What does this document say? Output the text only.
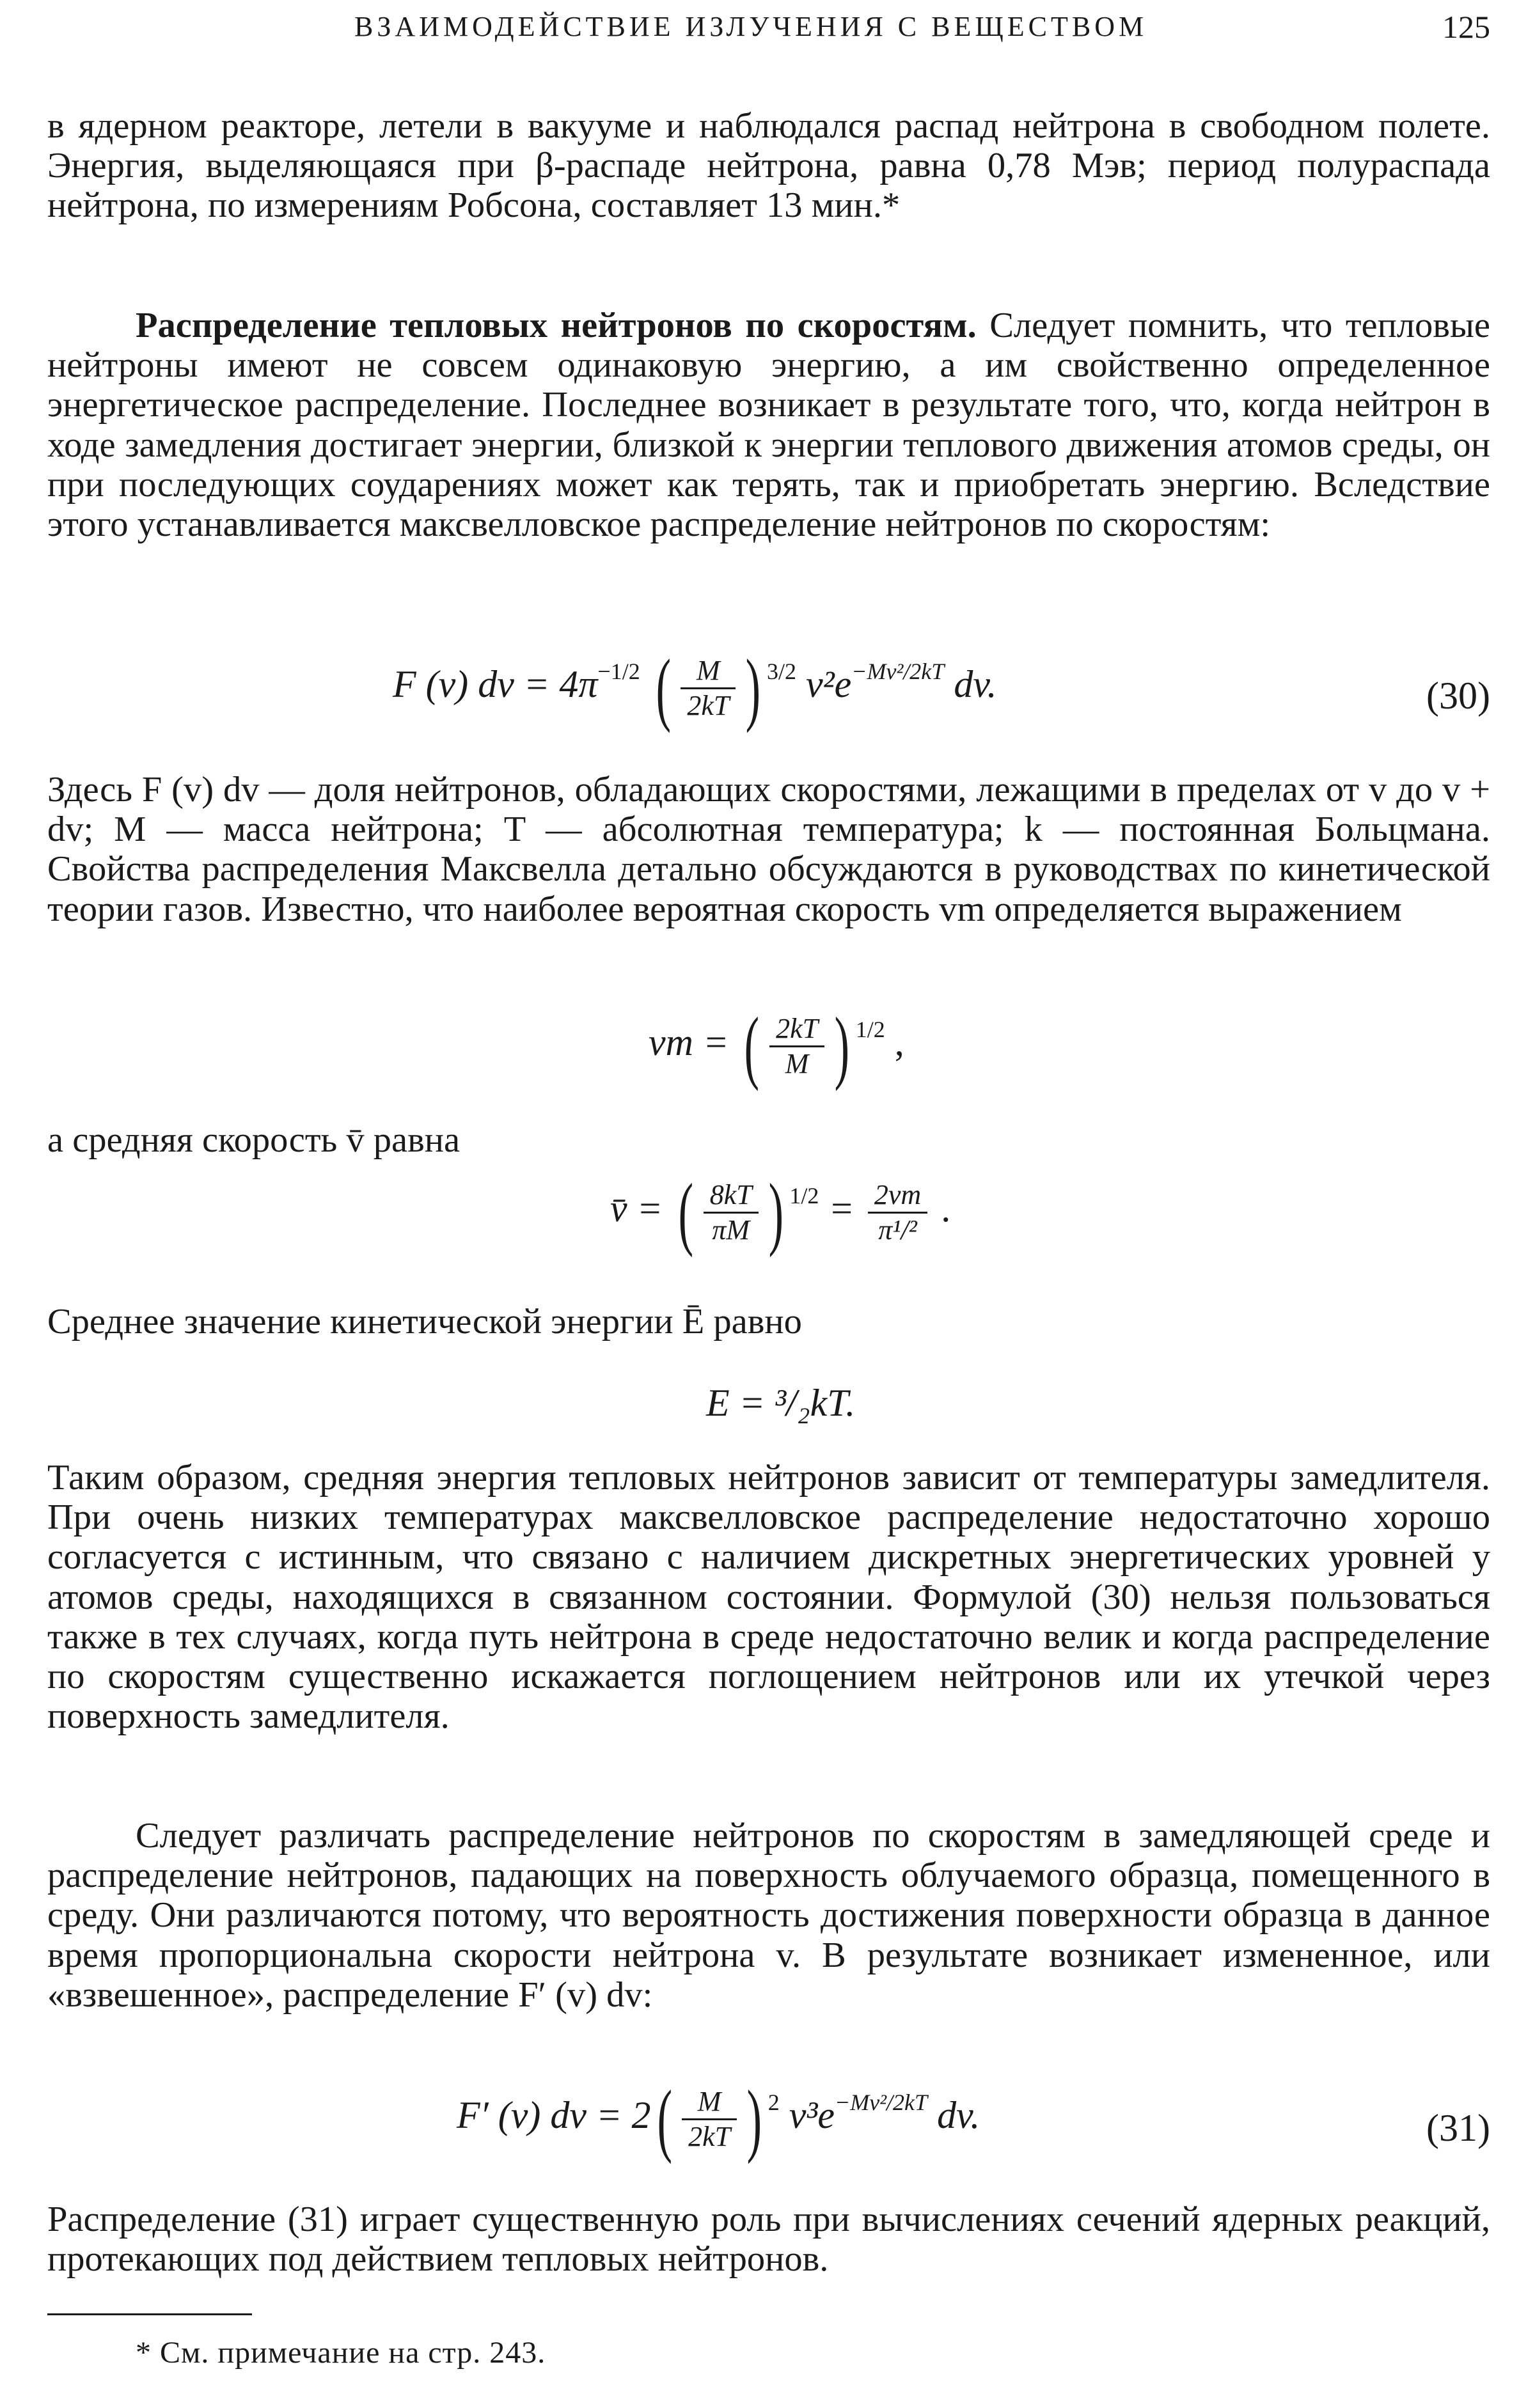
ВЗАИМОДЕЙСТВИЕ ИЗЛУЧЕНИЯ С ВЕЩЕСТВОМ	125

в ядерном реакторе, летели в вакууме и наблюдался распад нейтрона в свободном полете. Энергия, выделяющаяся при β-распаде нейтрона, равна 0,78 Мэв; период полураспада нейтрона, по измерениям Робсона, составляет 13 мин.*

Распределение тепловых нейтронов по скоростям. Следует помнить, что тепловые нейтроны имеют не совсем одинаковую энергию, а им свойственно определенное энергетическое распределение. Последнее возникает в результате того, что, когда нейтрон в ходе замедления достигает энергии, близкой к энергии теплового движения атомов среды, он при последующих соударениях может как терять, так и приобретать энергию. Вследствие этого устанавливается максвелловское распределение нейтронов по скоростям:

F (v) dv = $4\pi^{-1/2}$ ( $\frac{M}{2kT}$ ) $^{3/2}$ $v^2e^{-Mv^2/2kT}$ dv.	(30)

Здесь F (v) dv — доля нейтронов, обладающих скоростями, лежащими в пределах от v до v + dv; M — масса нейтрона; T — абсолютная температура; k — постоянная Больцмана. Свойства распределения Максвелла детально обсуждаются в руководствах по кинетической теории газов. Известно, что наиболее вероятная скорость vm определяется выражением

vm = ( $\frac{2kT}{M}$ ) $^{1/2}$ ,

а средняя скорость v̄ равна

v̄ = ( $\frac{8kT}{\pi M}$ ) $^{1/2} = \frac{2vm}{\text{π¹/²}}$ .

Среднее значение кинетической энергии Ē равно

E = ³/₂kT.

Таким образом, средняя энергия тепловых нейтронов зависит от температуры замедлителя. При очень низких температурах максвелловское распределение недостаточно хорошо согласуется с истинным, что связано с наличием дискретных энергетических уровней у атомов среды, находящихся в связанном состоянии. Формулой (30) нельзя пользоваться также в тех случаях, когда путь нейтрона в среде недостаточно велик и когда распределение по скоростям существенно искажается поглощением нейтронов или их утечкой через поверхность замедлителя.

Следует различать распределение нейтронов по скоростям в замедляющей среде и распределение нейтронов, падающих на поверхность облучаемого образца, помещенного в среду. Они различаются потому, что вероятность достижения поверхности образца в данное время пропорциональна скорости нейтрона v. В результате возникает измененное, или «взвешенное», распределение F′ (v) dv:

F′ (v) dv = $2( \frac{M}{2kT}$ ) $^2$ $v^3e^{-Mv^2/2kT}$ dv.	(31)

Распределение (31) играет существенную роль при вычислениях сечений ядерных реакций, протекающих под действием тепловых нейтронов.

* См. примечание на стр. 243.
